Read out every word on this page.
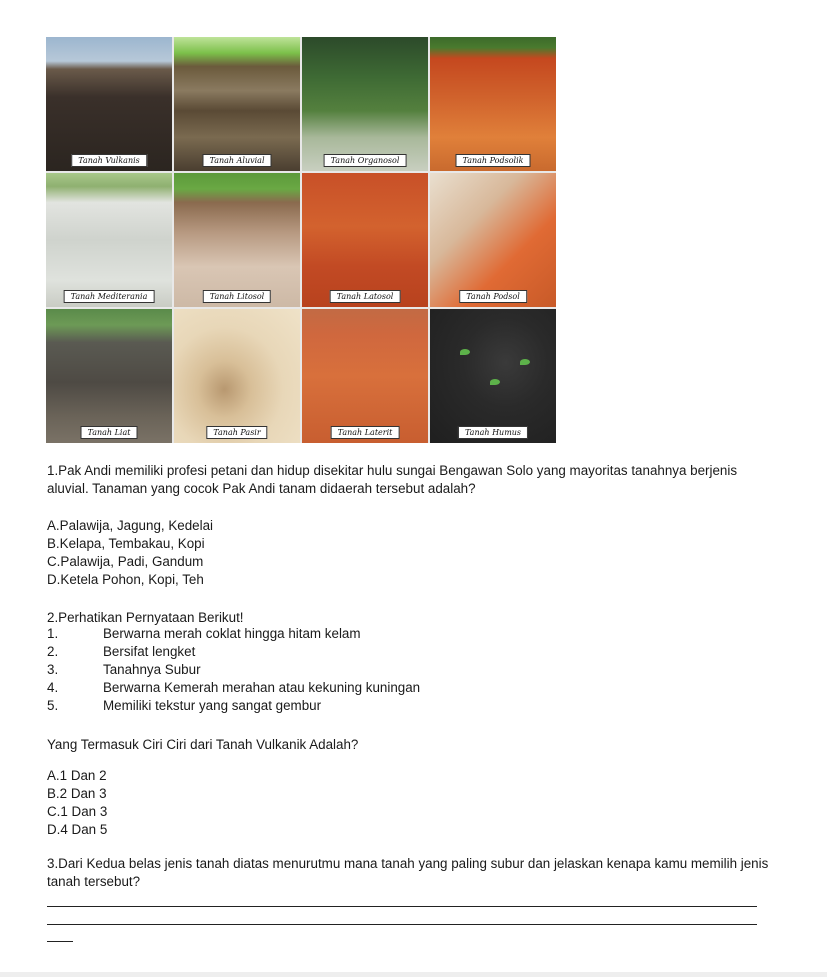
Tanah Vulkanis	Tanah Aluvial	Tanah Organosol	Tanah Podsolik
Tanah Mediterania	Tanah Litosol	Tanah Latosol	Tanah Podsol
Tanah Liat	Tanah Pasir	Tanah Laterit	Tanah Humus
1.Pak Andi memiliki profesi petani dan hidup disekitar hulu sungai Bengawan Solo yang mayoritas tanahnya berjenis aluvial. Tanaman yang cocok Pak Andi tanam didaerah tersebut adalah?
A.Palawija, Jagung, Kedelai
B.Kelapa, Tembakau, Kopi
C.Palawija, Padi, Gandum
D.Ketela Pohon, Kopi, Teh
2.Perhatikan Pernyataan Berikut!
1.	Berwarna merah coklat hingga hitam kelam
2.	Bersifat lengket
3.	Tanahnya Subur
4.	Berwarna Kemerah merahan atau kekuning kuningan
5.	Memiliki tekstur yang sangat gembur
Yang Termasuk Ciri Ciri dari Tanah Vulkanik Adalah?
A.1 Dan 2
B.2 Dan 3
C.1 Dan 3
D.4 Dan 5
3.Dari Kedua belas jenis tanah diatas menurutmu mana tanah yang paling subur dan jelaskan kenapa kamu memilih jenis tanah tersebut?
